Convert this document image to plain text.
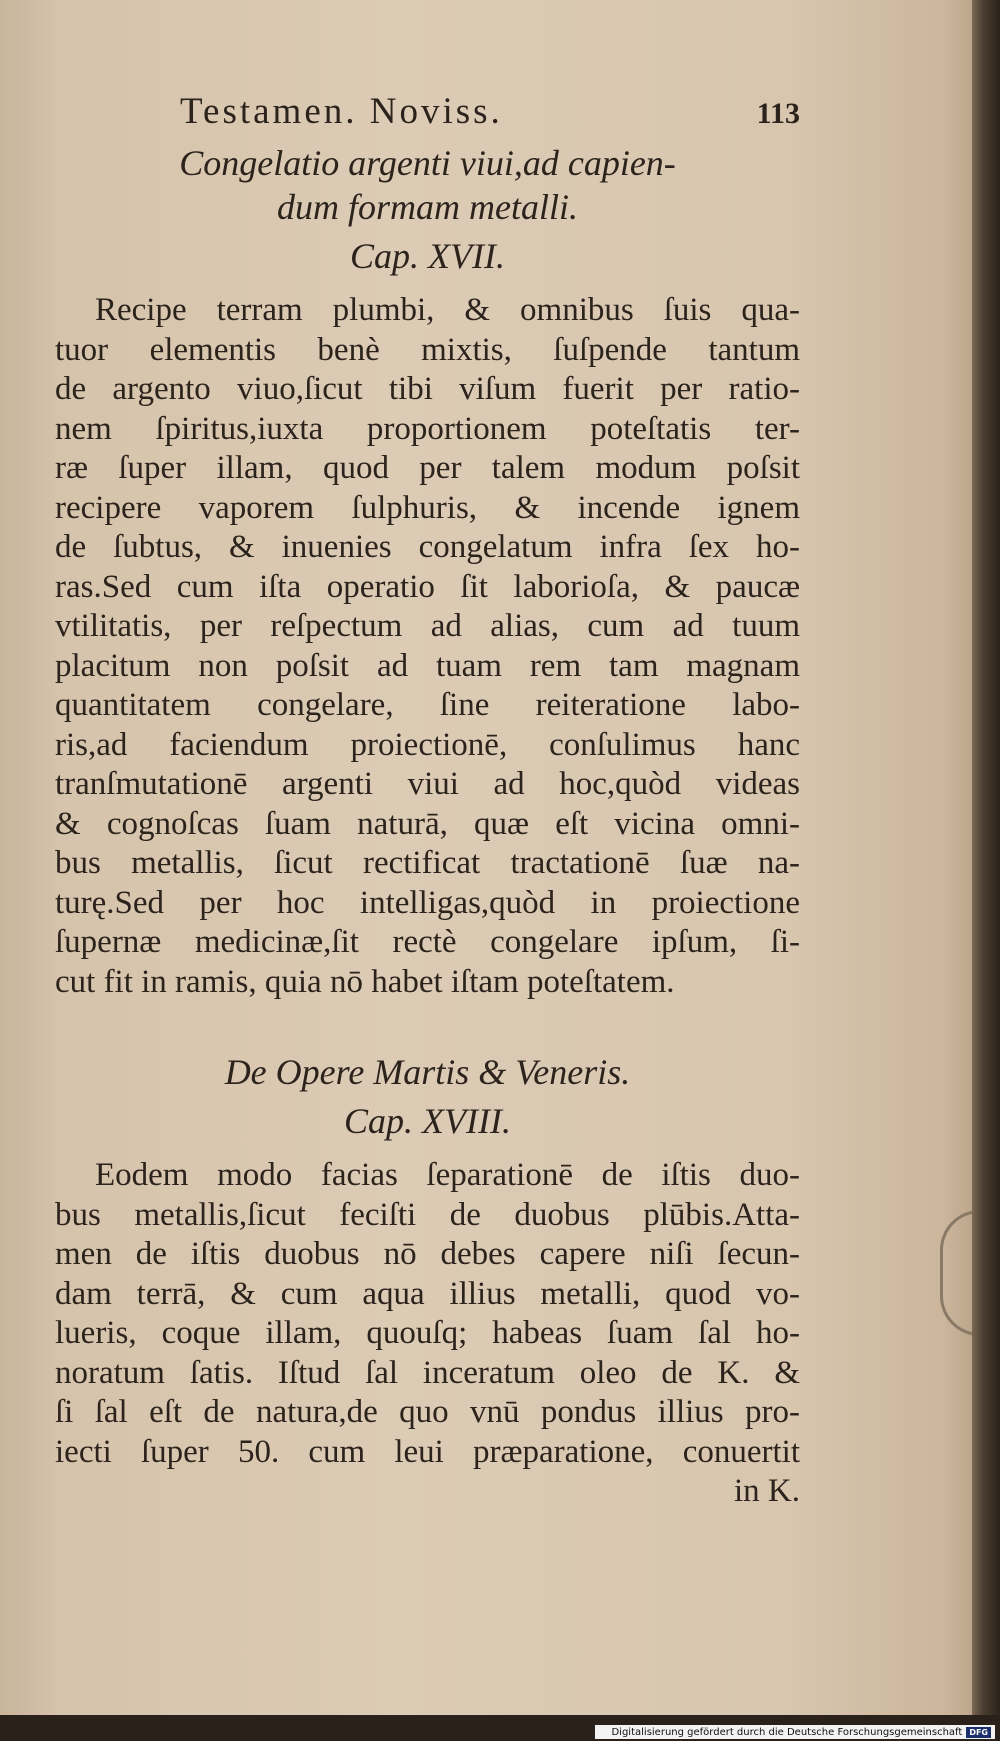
Testamen. Noviss.	113
Congelatio argenti viui,ad capien-
dum formam metalli.
Cap. XVII.
Recipe terram plumbi, & omnibus ſuis qua-
tuor elementis benè mixtis, ſuſpende tantum
de argento viuo,ſicut tibi viſum fuerit per ratio-
nem ſpiritus,iuxta proportionem poteſtatis ter-
ræ ſuper illam, quod per talem modum poſsit
recipere vaporem ſulphuris, & incende ignem
de ſubtus, & inuenies congelatum infra ſex ho-
ras.Sed cum iſta operatio ſit laborioſa, & paucæ
vtilitatis, per reſpectum ad alias, cum ad tuum
placitum non poſsit ad tuam rem tam magnam
quantitatem congelare, ſine reiteratione labo-
ris,ad faciendum proiectionē, conſulimus hanc
tranſmutationē argenti viui ad hoc,quòd videas
& cognoſcas ſuam naturā, quæ eſt vicina omni-
bus metallis, ſicut rectificat tractationē ſuæ na-
turę.Sed per hoc intelligas,quòd in proiectione
ſupernæ medicinæ,ſit rectè congelare ipſum, ſi-
cut fit in ramis, quia nō habet iſtam poteſtatem.
De Opere Martis & Veneris.
Cap. XVIII.
Eodem modo facias ſeparationē de iſtis duo-
bus metallis,ſicut feciſti de duobus plūbis.Atta-
men de iſtis duobus nō debes capere niſi ſecun-
dam terrā, & cum aqua illius metalli, quod vo-
lueris, coque illam, quouſq; habeas ſuam ſal ho-
noratum ſatis. Iſtud ſal inceratum oleo de K. &
ſi ſal eſt de natura,de quo vnū pondus illius pro-
iecti ſuper 50. cum leui præparatione, conuertit
in K.
Digitalisierung gefördert durch die Deutsche Forschungsgemeinschaft DFG
